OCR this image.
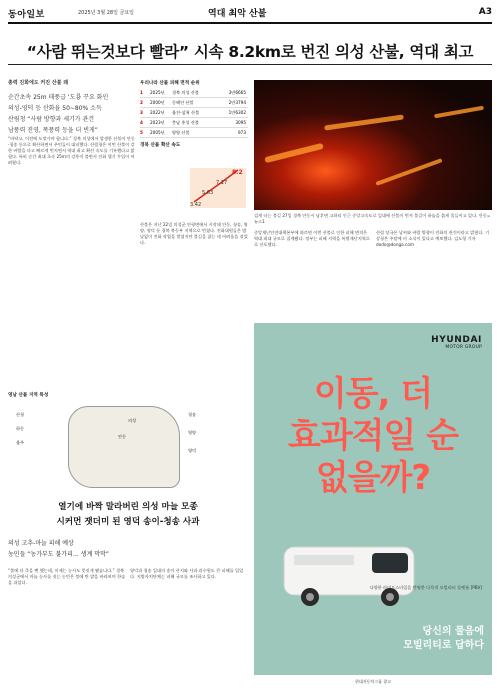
동아일보	2025년 3월 28일 금요일	역대 최악 산불	A3
“사람 뛰는것보다 빨라” 시속 8.2km로 번진 의성 산불, 역대 최고
총력 진화에도 커진 산불 왜
순간초속 25m 태풍급 ‘도룡 꾸요 화인
의성-영덕 등 산화율 50∼80% 소득
산림청 “사람 방향과 세기가 관건
남풍력 진영, 폭풍력 등을 더 빈게”

“바닥고, 이전에 도망가야 합니다.” 경북 의성에서 발생한 산불이 안동·청송 등으로 확산하면서 주민들이 대피했다. 산림청은 이번 산불이 강한 바람을 타고 빠르게 번지면서 역대 최고 확산 속도를 기록했다고 밝혔다. 특히 순간 최대 초속 25m의 강풍이 불면서 진화 헬기 투입이 어려웠다.

산불은 지난 22일 의성군 안평면에서 시작돼 안동, 청송, 영양, 영덕 등 경북 북동부 지역으로 번졌다. 진화대원들은 밤낮없이 진화 작업을 벌였지만 불길을 잡는 데 어려움을 겪었다.

중앙재난안전대책본부에 따르면 이번 산불로 인한 피해 면적은 역대 최대 규모로 집계됐다. 정부는 피해 지역을 특별재난지역으로 선포했다.

산림 당국은 날씨와 바람 방향이 진화의 관건이라고 밝혔다. 기상청은 주말께 비 소식이 있다고 예보했다. 김도형 기자 dodo@donga.com

우리나라 산불 피해 면적 순위
1	2025년	경북 의성 산불	3만6665
2	2000년	동해안 산불	2만3794
3	2022년	울진-삼척 산불	1만6302
4	2023년	충남 홍성 산불	3095
5	2005년	양양 산불	973
경북 산불 확산 속도
8.2
7.17
5.63
3.42
검게 타는 불길 27일 경북 안동시 남후면 고하리 인근 중앙고속도로 일대에 산불이 번져 불길이 하늘을 붉게 물들이고 있다. 안동=뉴스1
영남 산불 지역 특성
산청
하동
울주
의성
안동
청송
영양
영덕
열기에 바짝 말라버린 의성 마늘 모종
시커먼 잿더미 된 영덕 송이-청송 사과
의성 고추-마늘 피해 예상
농민들 “농가부도 불가피… 생계 막막”

“불에 타 죽을 뻔 했는데, 이제는 농사도 못짓게 됐습니다.” 경북 의성군에서 마늘 농사를 짓는 농민은 불에 탄 밭을 바라보며 한숨을 쉬었다.

영덕과 청송 일대의 송이 산지와 사과 과수원도 큰 피해를 입었다. 지방자치단체는 피해 규모를 조사하고 있다.

HYUNDAI
MOTOR GROUP
이동, 더
효과적일 순
없을까?
다양한 라이프스타일을 반영한 다목적 모빌리티 플랫폼 [PBV]
당신의 물음에
모빌리티로 답하다
현대자동차그룹 광고
